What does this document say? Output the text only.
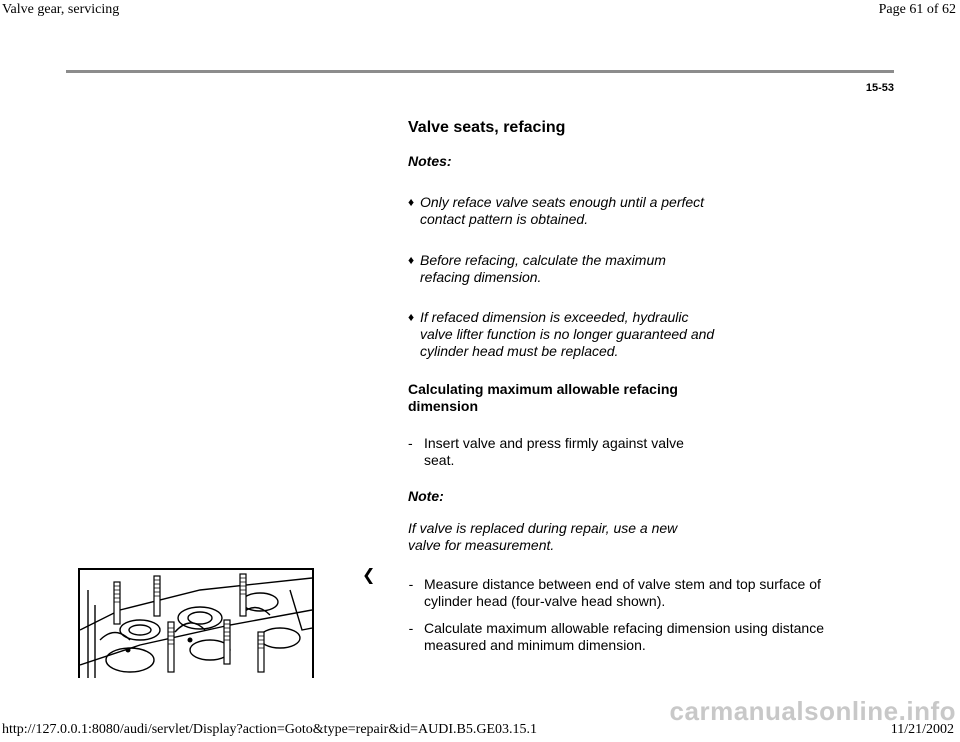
Valve gear, servicing	Page 61 of 62
15-53
Valve seats, refacing
Notes:
♦ Only reface valve seats enough until a perfect
contact pattern is obtained.
♦ Before refacing, calculate the maximum
refacing dimension.
♦ If refaced dimension is exceeded, hydraulic
valve lifter function is no longer guaranteed and
cylinder head must be replaced.
Calculating maximum allowable refacing
dimension
- Insert valve and press firmly against valve
seat.
Note:
If valve is replaced during repair, use a new
valve for measurement.
❮	- Measure distance between end of valve stem and top surface of
cylinder head (four-valve head shown).
- Calculate maximum allowable refacing dimension using distance
measured and minimum dimension.
carmanualsonline.info
http://127.0.0.1:8080/audi/servlet/Display?action=Goto&type=repair&id=AUDI.B5.GE03.15.1	11/21/2002
